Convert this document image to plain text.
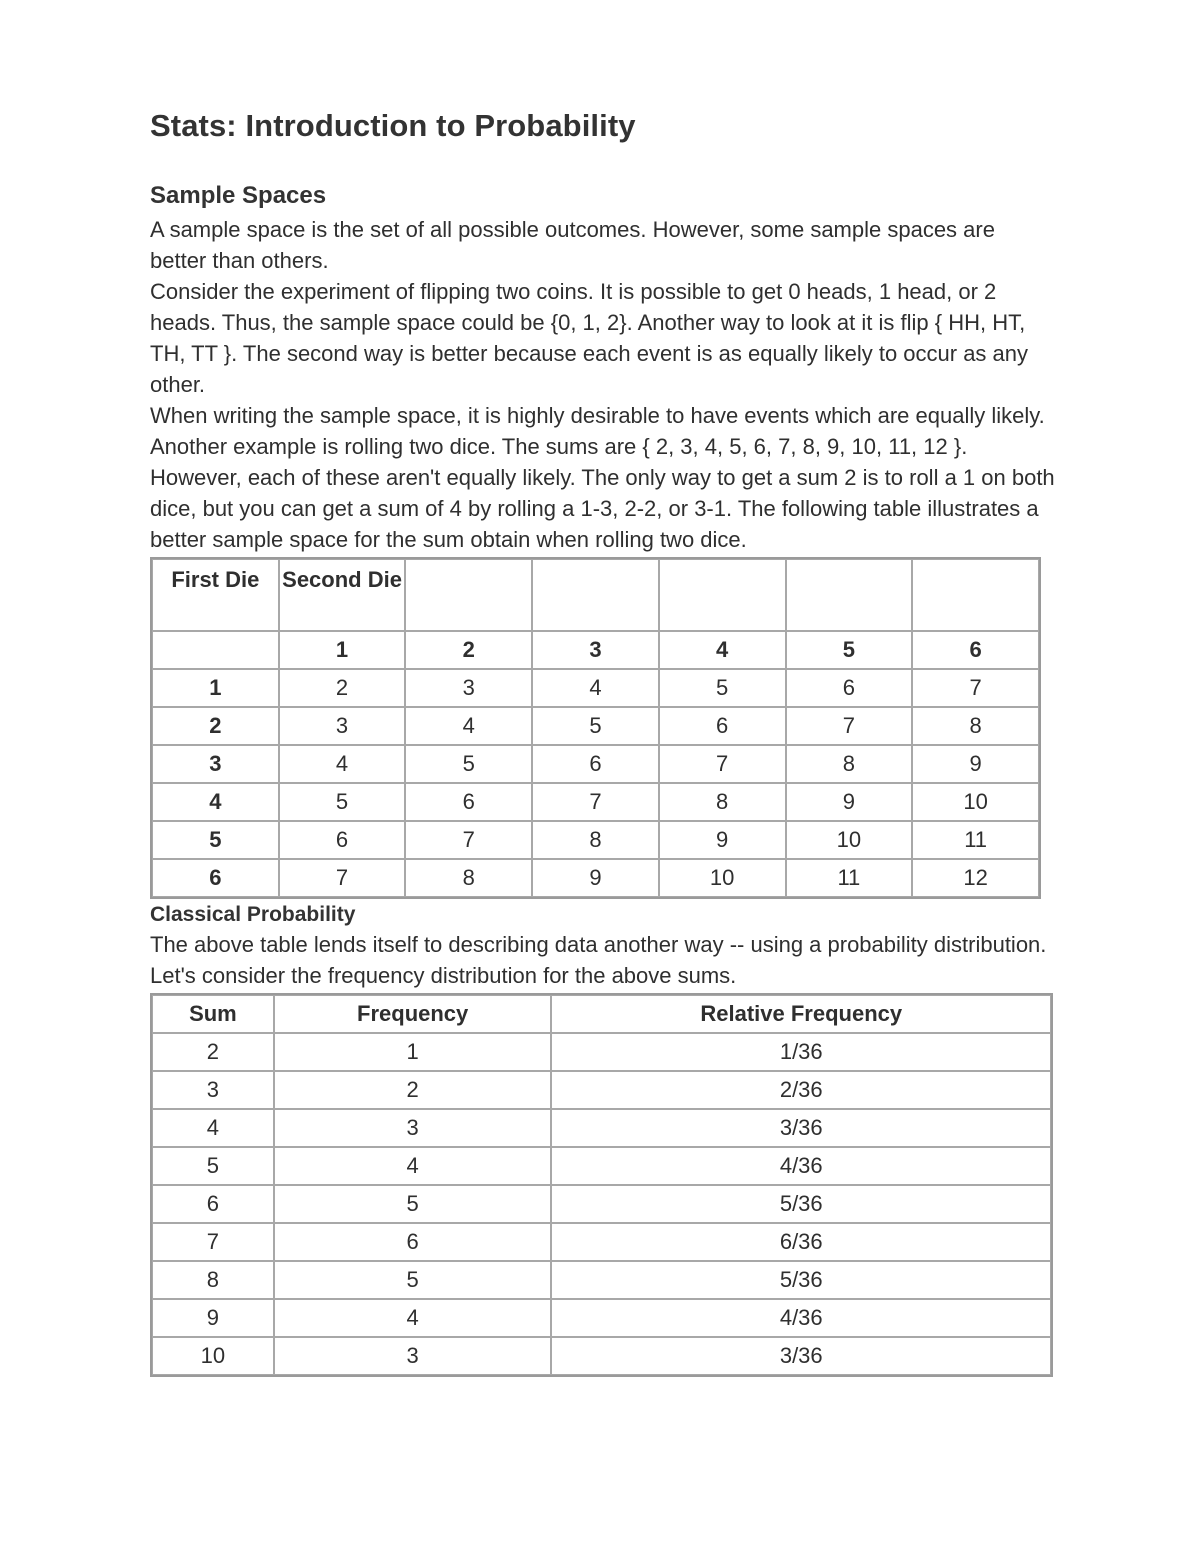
Stats: Introduction to Probability
Sample Spaces

A sample space is the set of all possible outcomes. However, some sample spaces are better than others.

Consider the experiment of flipping two coins. It is possible to get 0 heads, 1 head, or 2 heads. Thus, the sample space could be {0, 1, 2}. Another way to look at it is flip { HH, HT, TH, TT }. The second way is better because each event is as equally likely to occur as any other.

When writing the sample space, it is highly desirable to have events which are equally likely.

Another example is rolling two dice. The sums are { 2, 3, 4, 5, 6, 7, 8, 9, 10, 11, 12 }. However, each of these aren't equally likely. The only way to get a sum 2 is to roll a 1 on both dice, but you can get a sum of 4 by rolling a 1-3, 2-2, or 3-1. The following table illustrates a better sample space for the sum obtain when rolling two dice.

First Die	Second Die					
	1	2	3	4	5	6
1	2	3	4	5	6	7
2	3	4	5	6	7	8
3	4	5	6	7	8	9
4	5	6	7	8	9	10
5	6	7	8	9	10	11
6	7	8	9	10	11	12
Classical Probability

The above table lends itself to describing data another way -- using a probability distribution. Let's consider the frequency distribution for the above sums.

Sum	Frequency	Relative Frequency
2	1	1/36
3	2	2/36
4	3	3/36
5	4	4/36
6	5	5/36
7	6	6/36
8	5	5/36
9	4	4/36
10	3	3/36
